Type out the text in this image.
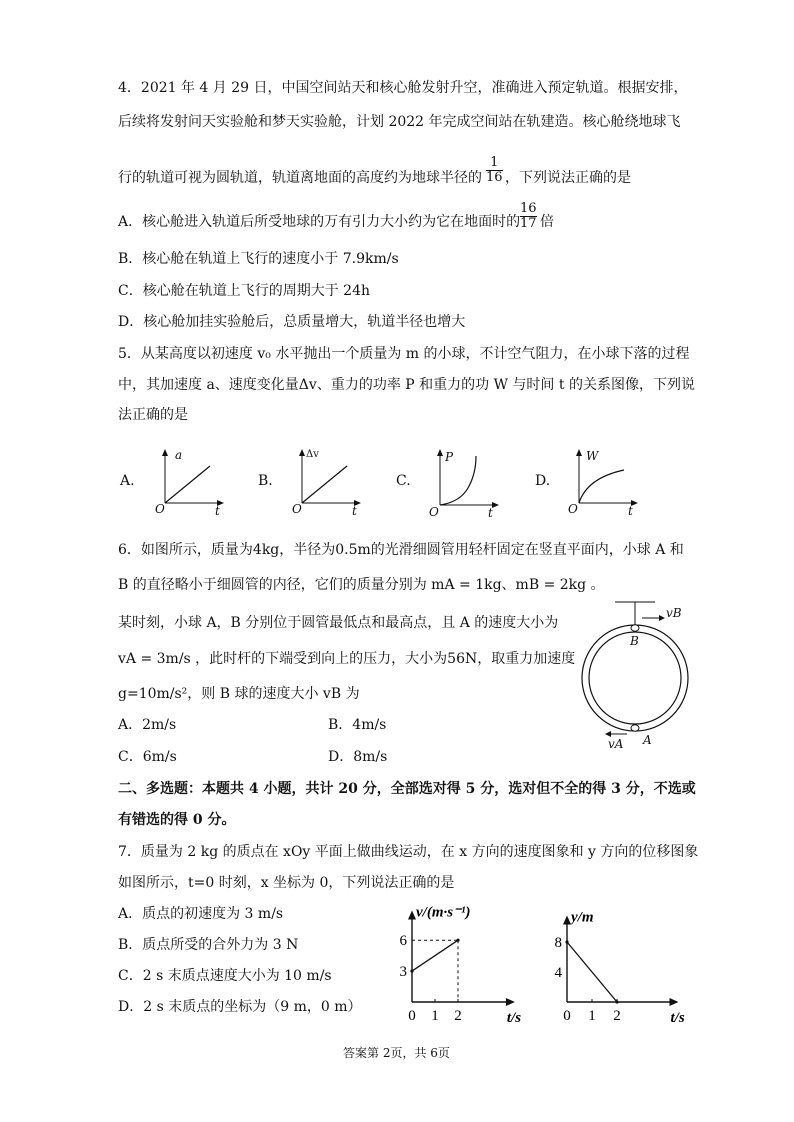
4．2021 年 4 月 29 日，中国空间站天和核心舱发射升空，准确进入预定轨道。根据安排，
后续将发射问天实验舱和梦天实验舱，计划 2022 年完成空间站在轨建造。核心舱绕地球飞
行的轨道可视为圆轨道，轨道离地面的高度约为地球半径的
1
16 ，下列说法正确的是
A．核心舱进入轨道后所受地球的万有引力大小约为它在地面时的
16
17 倍
B．核心舱在轨道上飞行的速度小于 7.9km/s
C．核心舱在轨道上飞行的周期大于 24h
D．核心舱加挂实验舱后，总质量增大，轨道半径也增大
5．从某高度以初速度 v₀ 水平抛出一个质量为 m 的小球，不计空气阻力，在小球下落的过程
中，其加速度 a、速度变化量Δv、重力的功率 P 和重力的功 W 与时间 t 的关系图像，下列说
法正确的是
A.
a
t
O
B.
Δv
t
O
C.
P
t
O
D.
W
t
O
6．如图所示，质量为4kg，半径为0.5m的光滑细圆管用轻杆固定在竖直平面内，小球 A 和
B 的直径略小于细圆管的内径，它们的质量分别为 mA = 1kg、mB = 2kg 。
某时刻，小球 A，B 分别位于圆管最低点和最高点，且 A 的速度大小为
vA = 3m/s ，此时杆的下端受到向上的压力，大小为56N，取重力加速度
g=10m/s²，则 B 球的速度大小 vB 为
A．2m/s	B．4m/s
C．6m/s	D．8m/s
vB
B
vA A
二、多选题：本题共 4 小题，共计 20 分，全部选对得 5 分，选对但不全的得 3 分，不选或
有错选的得 0 分。
7．质量为 2 kg 的质点在 xOy 平面上做曲线运动，在 x 方向的速度图象和 y 方向的位移图象
如图所示，t=0 时刻，x 坐标为 0，下列说法正确的是
A．质点的初速度为 3 m/s
B．质点所受的合外力为 3 N
C．2 s 末质点速度大小为 10 m/s
D．2 s 末质点的坐标为（9 m，0 m）
0 1 2
3
6
v/(m·s⁻¹)
t/s	0 1 2
4
8
y/m
t/s
答案第 2页，共 6页
